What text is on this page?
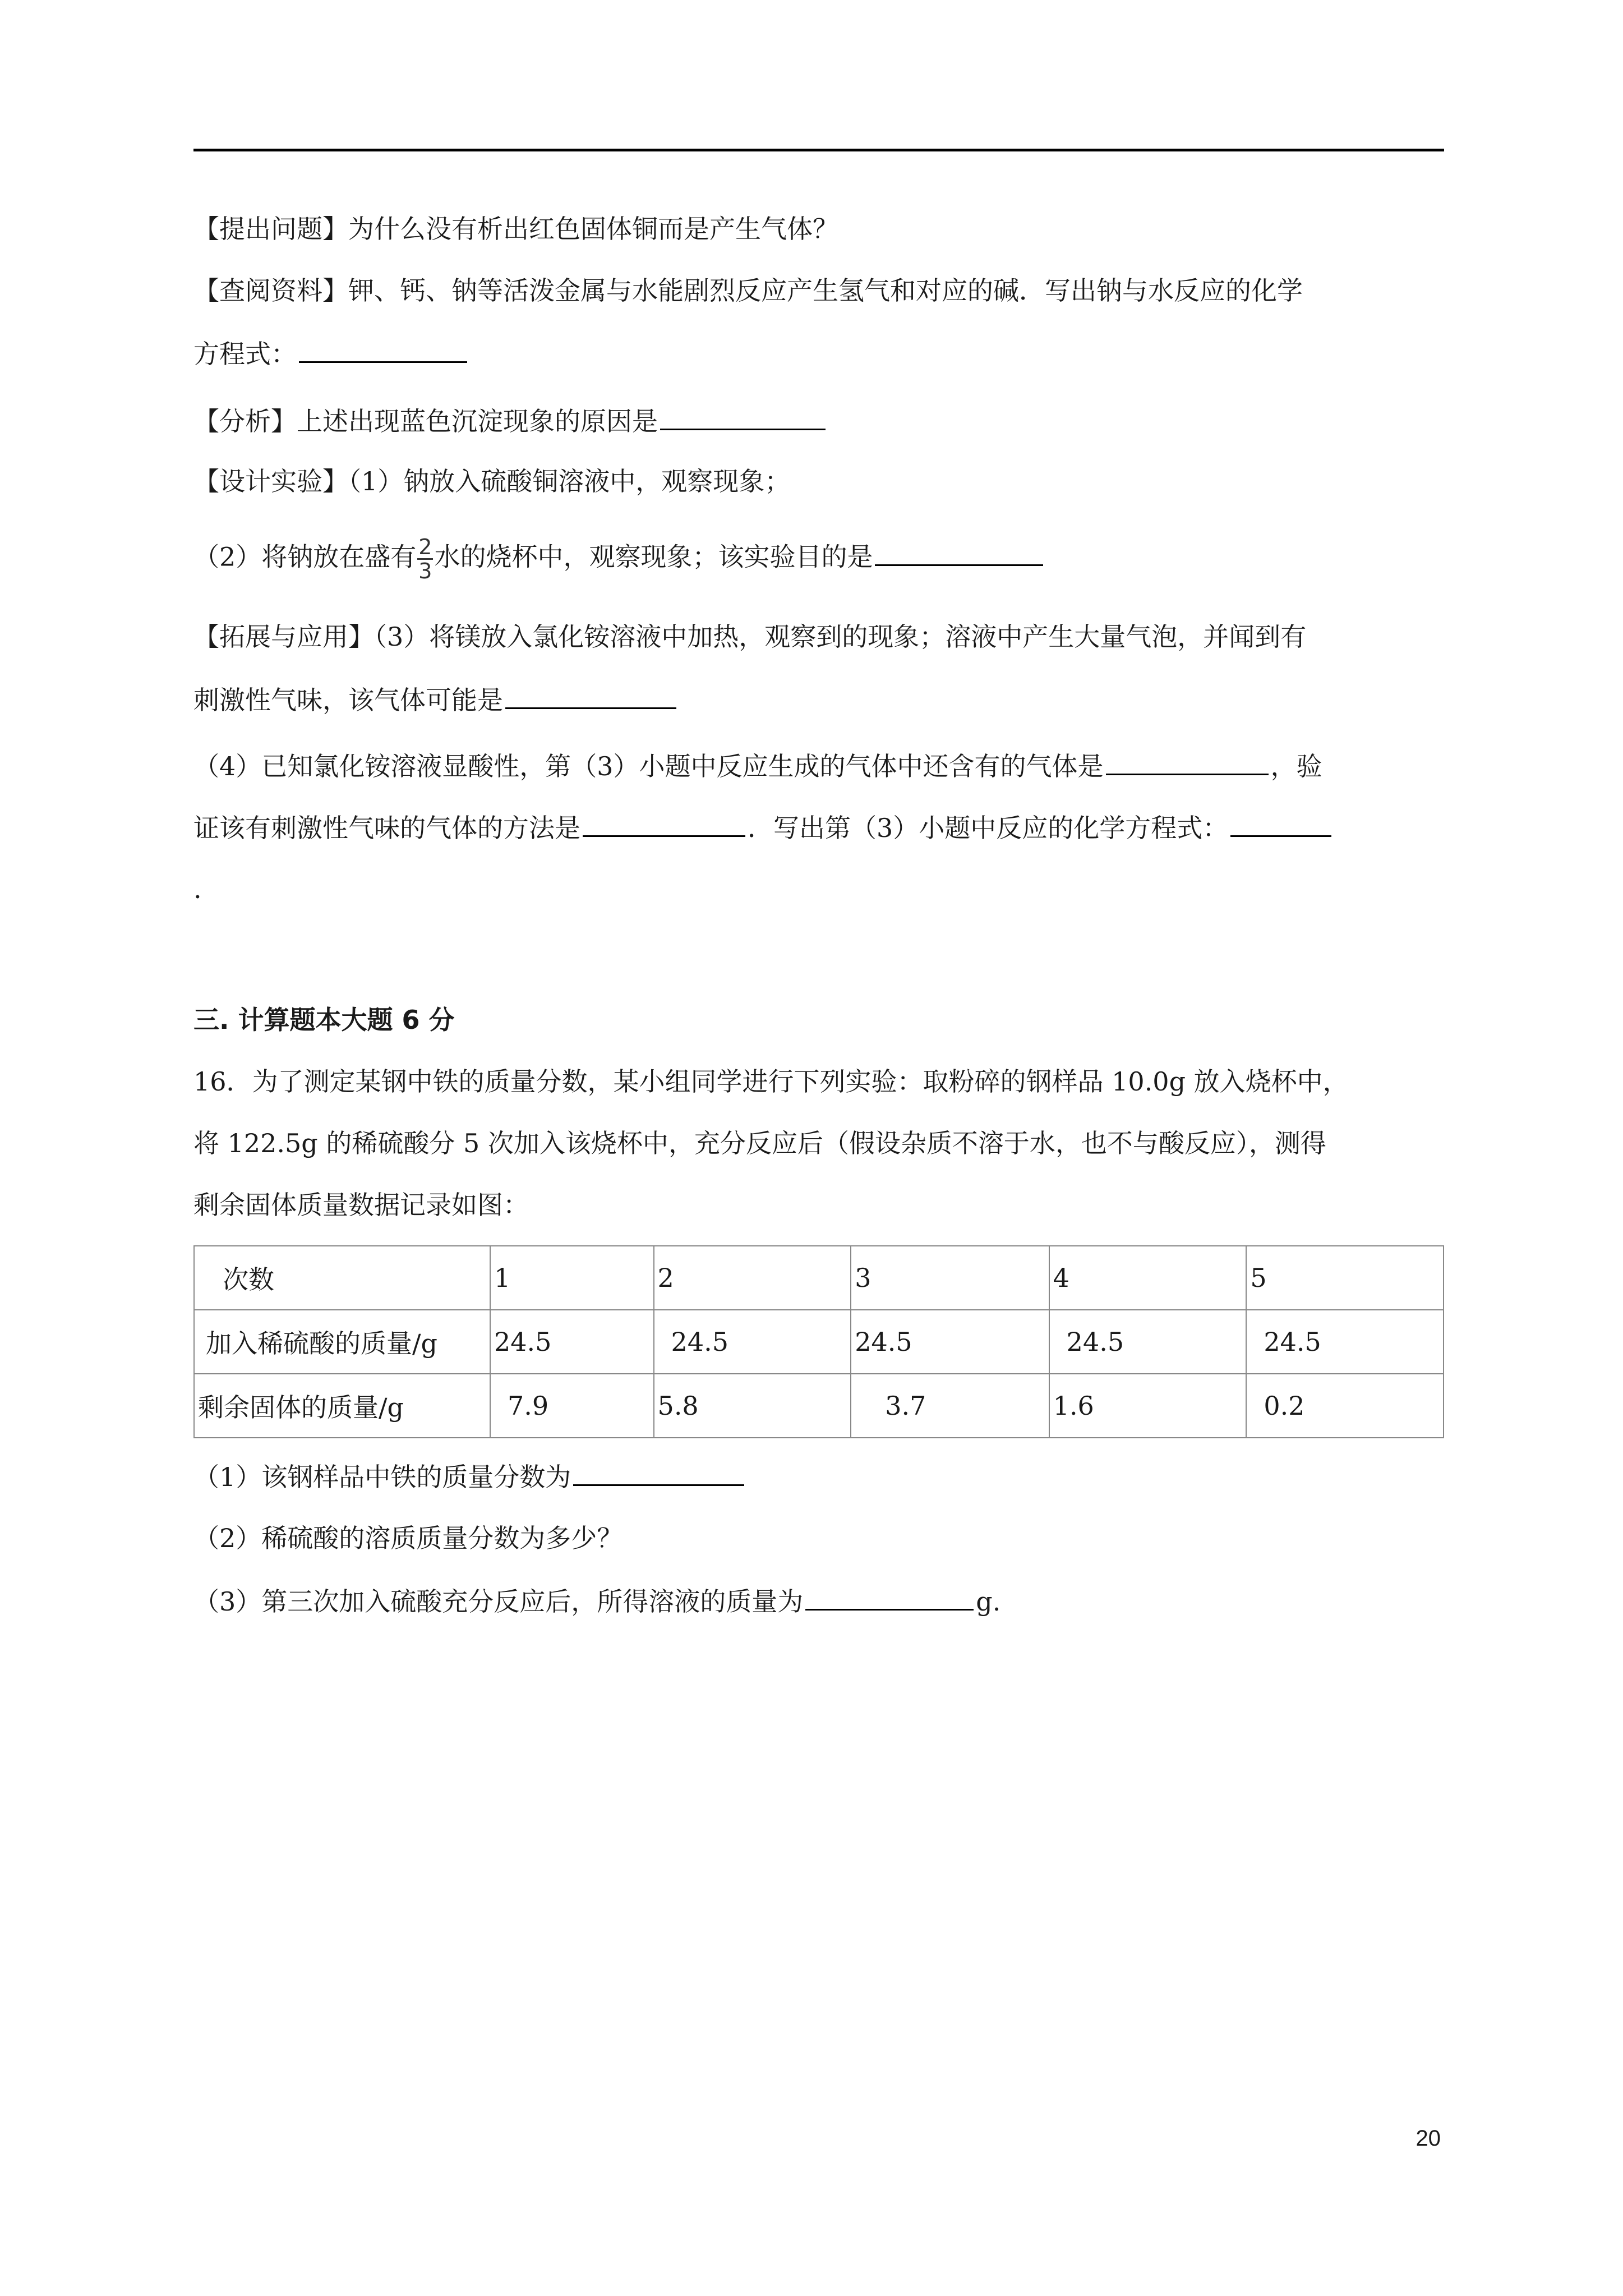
【提出问题】为什么没有析出红色固体铜而是产生气体？
【查阅资料】钾、钙、钠等活泼金属与水能剧烈反应产生氢气和对应的碱．写出钠与水反应的化学
方程式：
【分析】上述出现蓝色沉淀现象的原因是
【设计实验】（1）钠放入硫酸铜溶液中，观察现象；
（2）将钠放在盛有 $\frac{2}{3}$ 水的烧杯中，观察现象；该实验目的是
【拓展与应用】（3）将镁放入氯化铵溶液中加热，观察到的现象；溶液中产生大量气泡，并闻到有
刺激性气味，该气体可能是
（4）已知氯化铵溶液显酸性，第（3）小题中反应生成的气体中还含有的气体是	，验
证该有刺激性气味的气体的方法是	．写出第（3）小题中反应的化学方程式：
.
三. 计算题本大题 6 分
16．为了测定某钢中铁的质量分数，某小组同学进行下列实验：取粉碎的钢样品 10.0g 放入烧杯中，
将 122.5g 的稀硫酸分 5 次加入该烧杯中，充分反应后（假设杂质不溶于水，也不与酸反应），测得
剩余固体质量数据记录如图：
次数	1	2	3	4	5
加入稀硫酸的质量/g	24.5	24.5	24.5	24.5	24.5
剩余固体的质量/g	7.9	5.8	3.7	1.6	0.2
（1）该钢样品中铁的质量分数为
（2）稀硫酸的溶质质量分数为多少？
（3）第三次加入硫酸充分反应后，所得溶液的质量为	g.
20
